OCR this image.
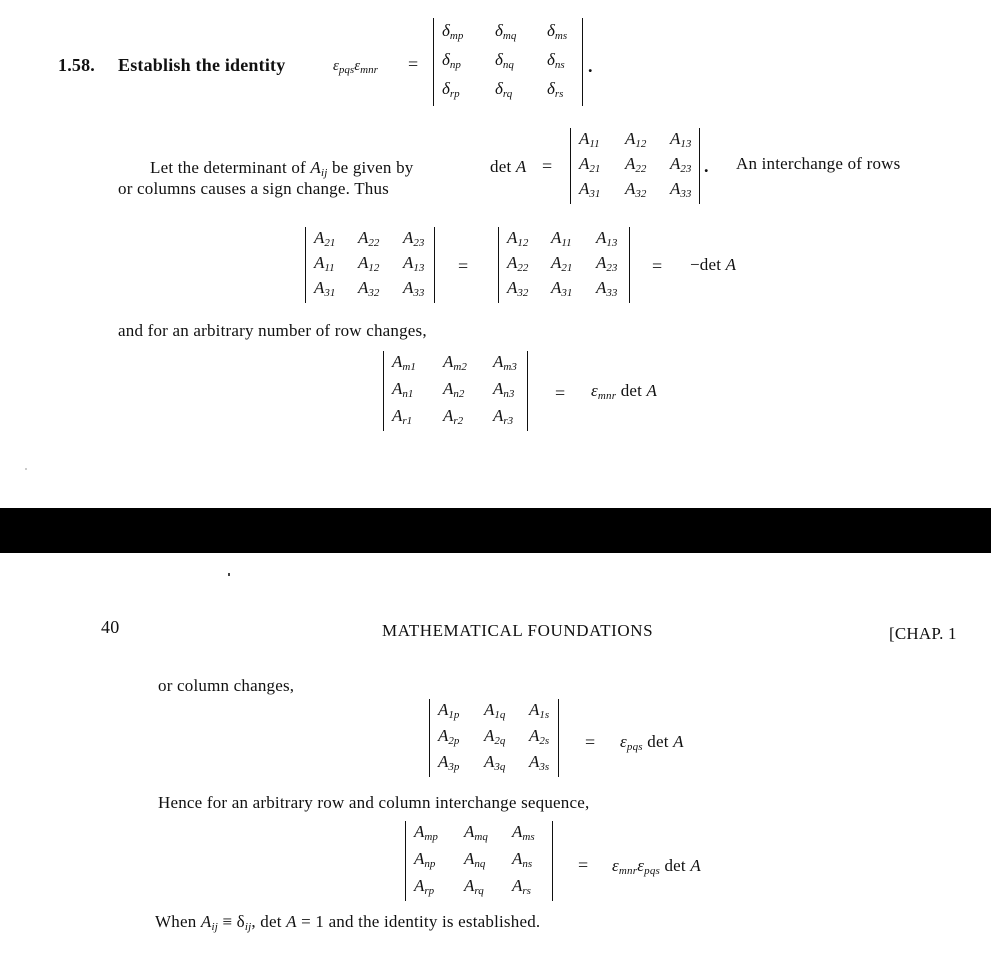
1.58. Establish the identity	$\varepsilon_{pqs}\varepsilon_{mnr}$ =
$\delta_{mp}$ $\delta_{mq}$ $\delta_{ms}$
$\delta_{np}$ $\delta_{nq}$ $\delta_{ns}$
$\delta_{rp}$ $\delta_{rq}$ $\delta_{rs}$
.
Let the determinant of $A_{ij}$ be given by	det A =
$A_{11}$ $A_{12}$ $A_{13}$
$A_{21}$ $A_{22}$ $A_{23}$
$A_{31}$ $A_{32}$ $A_{33}$
. An interchange of rows
or columns causes a sign change. Thus
$A_{21}$ $A_{22}$ $A_{23}$
$A_{11}$ $A_{12}$ $A_{13}$
$A_{31}$ $A_{32}$ $A_{33}$
=
$A_{12}$ $A_{11}$ $A_{13}$
$A_{22}$ $A_{21}$ $A_{23}$
$A_{32}$ $A_{31}$ $A_{33}$
= −det A
and for an arbitrary number of row changes,
$A_{m1}$ $A_{m2}$ $A_{m3}$
$A_{n1}$ $A_{n2}$ $A_{n3}$
$A_{r1}$ $A_{r2}$ $A_{r3}$
= $\varepsilon_{mnr}$ det A
40	MATHEMATICAL FOUNDATIONS	[CHAP. 1
or column changes,
$A_{1p}$ $A_{1q}$ $A_{1s}$
$A_{2p}$ $A_{2q}$ $A_{2s}$
$A_{3p}$ $A_{3q}$ $A_{3s}$
= $\varepsilon_{pqs}$ det A
Hence for an arbitrary row and column interchange sequence,
$A_{mp}$ $A_{mq}$ $A_{ms}$
$A_{np}$ $A_{nq}$ $A_{ns}$
$A_{rp}$ $A_{rq}$ $A_{rs}$
= $\varepsilon_{mnr}\varepsilon_{pqs}$ det A
When $A_{ij} \equiv \delta_{ij}$, det A = 1 and the identity is established.
